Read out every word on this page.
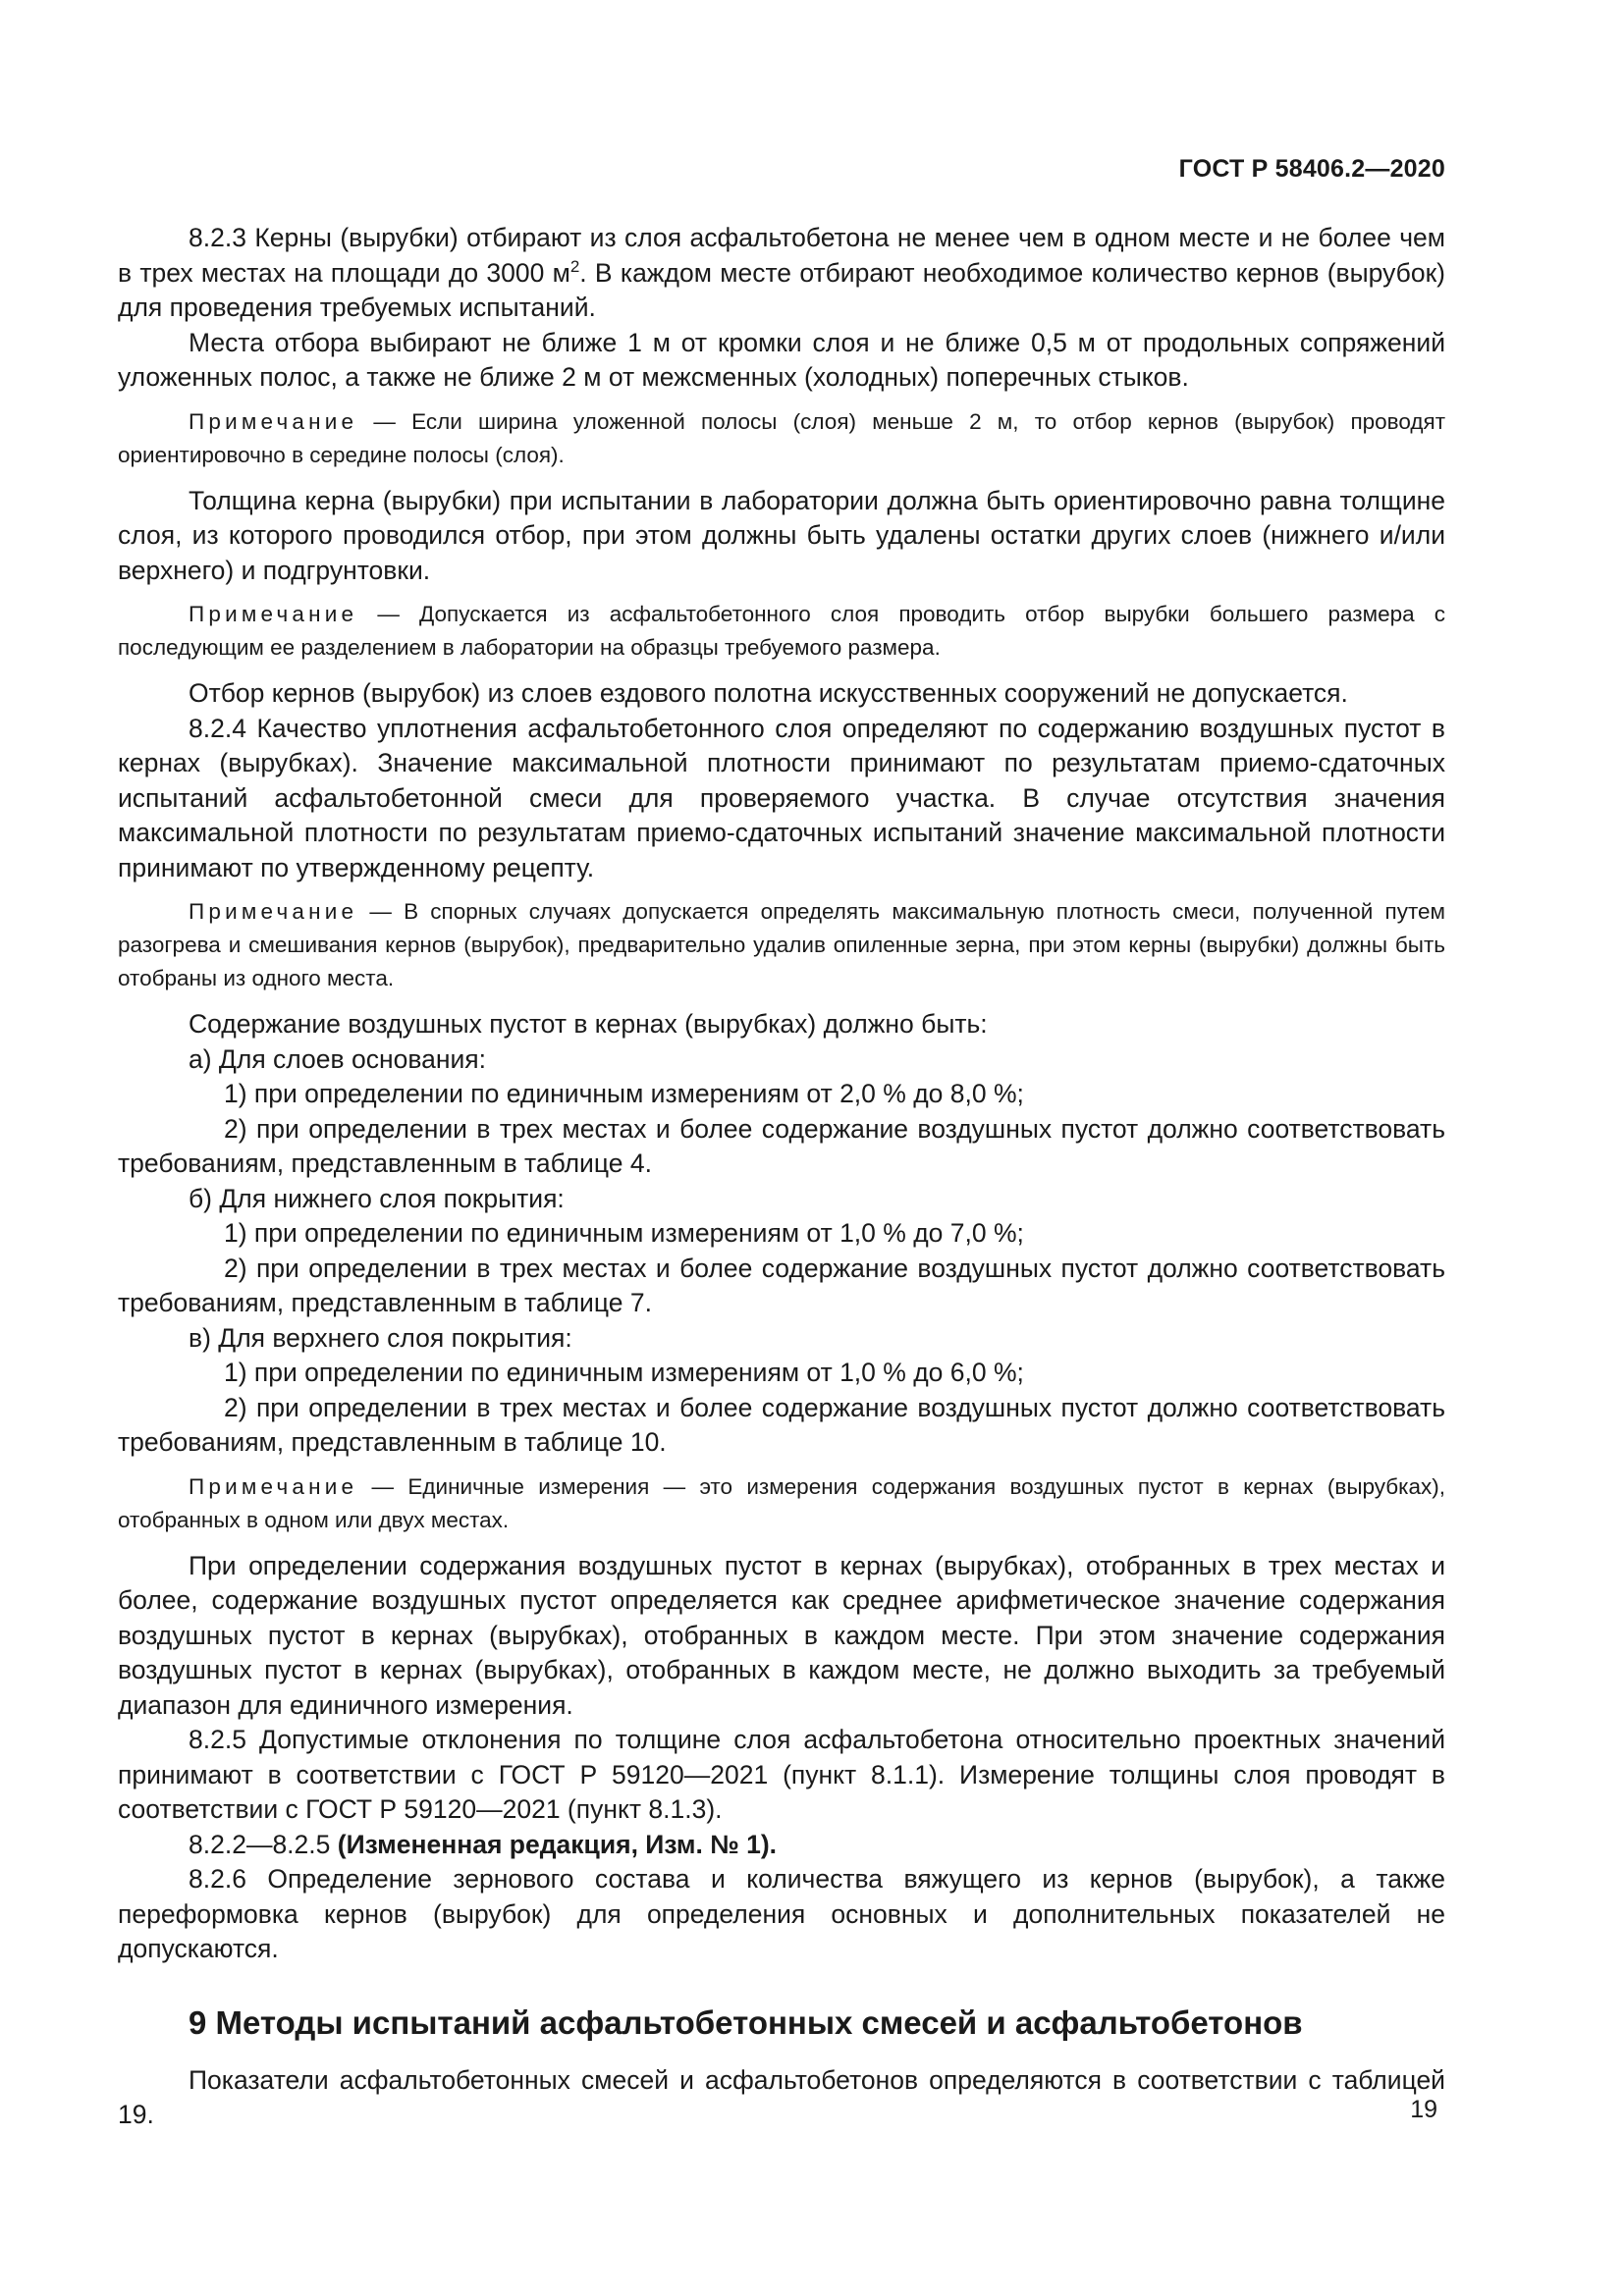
ГОСТ Р 58406.2—2020

8.2.3 Керны (вырубки) отбирают из слоя асфальтобетона не менее чем в одном месте и не более чем в трех местах на площади до 3000 $м^2$. В каждом месте отбирают необходимое количество кернов (вырубок) для проведения требуемых испытаний.

Места отбора выбирают не ближе 1 м от кромки слоя и не ближе 0,5 м от продольных сопряжений уложенных полос, а также не ближе 2 м от межсменных (холодных) поперечных стыков.

Примечание — Если ширина уложенной полосы (слоя) меньше 2 м, то отбор кернов (вырубок) проводят ориентировочно в середине полосы (слоя).

Толщина керна (вырубки) при испытании в лаборатории должна быть ориентировочно равна толщине слоя, из которого проводился отбор, при этом должны быть удалены остатки других слоев (нижнего и/или верхнего) и подгрунтовки.

Примечание — Допускается из асфальтобетонного слоя проводить отбор вырубки большего размера с последующим ее разделением в лаборатории на образцы требуемого размера.

Отбор кернов (вырубок) из слоев ездового полотна искусственных сооружений не допускается.

8.2.4 Качество уплотнения асфальтобетонного слоя определяют по содержанию воздушных пустот в кернах (вырубках). Значение максимальной плотности принимают по результатам приемо-сдаточных испытаний асфальтобетонной смеси для проверяемого участка. В случае отсутствия значения максимальной плотности по результатам приемо-сдаточных испытаний значение максимальной плотности принимают по утвержденному рецепту.

Примечание — В спорных случаях допускается определять максимальную плотность смеси, полученной путем разогрева и смешивания кернов (вырубок), предварительно удалив опиленные зерна, при этом керны (вырубки) должны быть отобраны из одного места.

Содержание воздушных пустот в кернах (вырубках) должно быть:

а) Для слоев основания:

1) при определении по единичным измерениям от 2,0 % до 8,0 %;

2) при определении в трех местах и более содержание воздушных пустот должно соответствовать требованиям, представленным в таблице 4.

б) Для нижнего слоя покрытия:

1) при определении по единичным измерениям от 1,0 % до 7,0 %;

2) при определении в трех местах и более содержание воздушных пустот должно соответствовать требованиям, представленным в таблице 7.

в) Для верхнего слоя покрытия:

1) при определении по единичным измерениям от 1,0 % до 6,0 %;

2) при определении в трех местах и более содержание воздушных пустот должно соответствовать требованиям, представленным в таблице 10.

Примечание — Единичные измерения — это измерения содержания воздушных пустот в кернах (вырубках), отобранных в одном или двух местах.

При определении содержания воздушных пустот в кернах (вырубках), отобранных в трех местах и более, содержание воздушных пустот определяется как среднее арифметическое значение содержания воздушных пустот в кернах (вырубках), отобранных в каждом месте. При этом значение содержания воздушных пустот в кернах (вырубках), отобранных в каждом месте, не должно выходить за требуемый диапазон для единичного измерения.

8.2.5 Допустимые отклонения по толщине слоя асфальтобетона относительно проектных значений принимают в соответствии с ГОСТ Р 59120—2021 (пункт 8.1.1). Измерение толщины слоя проводят в соответствии с ГОСТ Р 59120—2021 (пункт 8.1.3).

8.2.2—8.2.5 (Измененная редакция, Изм. № 1).

8.2.6 Определение зернового состава и количества вяжущего из кернов (вырубок), а также переформовка кернов (вырубок) для определения основных и дополнительных показателей не допускаются.

9 Методы испытаний асфальтобетонных смесей и асфальтобетонов

Показатели асфальтобетонных смесей и асфальтобетонов определяются в соответствии с таблицей 19.	19
